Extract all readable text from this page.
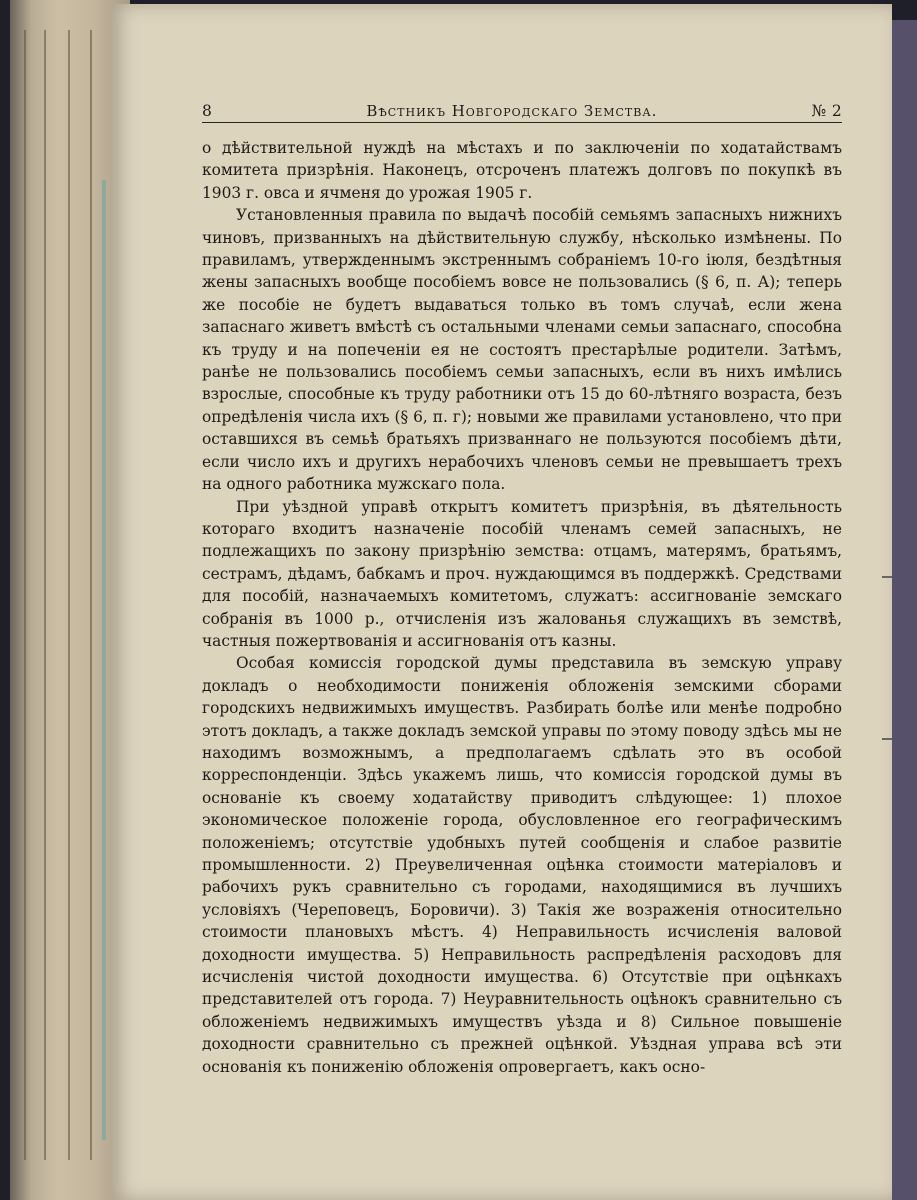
8	Вѣстникъ Новгородскаго Земства.	№ 2

о дѣйствительной нуждѣ на мѣстахъ и по заключеніи по ходатайствамъ комитета призрѣнія. Наконецъ, отсроченъ платежъ долговъ по покупкѣ въ 1903 г. овса и ячменя до урожая 1905 г.

Установленныя правила по выдачѣ пособій семьямъ запасныхъ нижнихъ чиновъ, призванныхъ на дѣйствительную службу, нѣсколько измѣнены. По правиламъ, утвержденнымъ экстреннымъ собраніемъ 10-го іюля, бездѣтныя жены запасныхъ вообще пособіемъ вовсе не пользовались (§ 6, п. А); теперь же пособіе не будетъ выдаваться только въ томъ случаѣ, если жена запаснаго живетъ вмѣстѣ съ остальными членами семьи запаснаго, способна къ труду и на попеченіи ея не состоятъ престарѣлые родители. Затѣмъ, ранѣе не пользовались пособіемъ семьи запасныхъ, если въ нихъ имѣлись взрослые, способные къ труду работники отъ 15 до 60-лѣтняго возраста, безъ опредѣленія числа ихъ (§ 6, п. г); новыми же правилами установлено, что при оставшихся въ семьѣ братьяхъ призваннаго не пользуются пособіемъ дѣти, если число ихъ и другихъ нерабочихъ членовъ семьи не превышаетъ трехъ на одного работника мужскаго пола.

При уѣздной управѣ открытъ комитетъ призрѣнія, въ дѣятельность котораго входитъ назначеніе пособій членамъ семей запасныхъ, не подлежащихъ по закону призрѣнію земства: отцамъ, матерямъ, братьямъ, сестрамъ, дѣдамъ, бабкамъ и проч. нуждающимся въ поддержкѣ. Средствами для пособій, назначаемыхъ комитетомъ, служатъ: ассигнованіе земскаго собранія въ 1000 р., отчисленія изъ жалованья служащихъ въ земствѣ, частныя пожертвованія и ассигнованія отъ казны.

Особая комиссія городской думы представила въ земскую управу докладъ о необходимости пониженія обложенія земскими сборами городскихъ недвижимыхъ имуществъ. Разбирать болѣе или менѣе подробно этотъ докладъ, а также докладъ земской управы по этому поводу здѣсь мы не находимъ возможнымъ, а предполагаемъ сдѣлать это въ особой корреспонденціи. Здѣсь укажемъ лишь, что комиссія городской думы въ основаніе къ своему ходатайству приводитъ слѣдующее: 1) плохое экономическое положеніе города, обусловленное его географическимъ положеніемъ; отсутствіе удобныхъ путей сообщенія и слабое развитіе промышленности. 2) Преувеличенная оцѣнка стоимости матеріаловъ и рабочихъ рукъ сравнительно съ городами, находящимися въ лучшихъ условіяхъ (Череповецъ, Боровичи). 3) Такія же возраженія относительно стоимости плановыхъ мѣстъ. 4) Неправильность исчисленія валовой доходности имущества. 5) Неправильность распредѣленія расходовъ для исчисленія чистой доходности имущества. 6) Отсутствіе при оцѣнкахъ представителей отъ города. 7) Неуравнительность оцѣнокъ сравнительно съ обложеніемъ недвижимыхъ имуществъ уѣзда и 8) Сильное повышеніе доходности сравнительно съ прежней оцѣнкой. Уѣздная управа всѣ эти основанія къ пониженію обложенія опровергаетъ, какъ осно-
